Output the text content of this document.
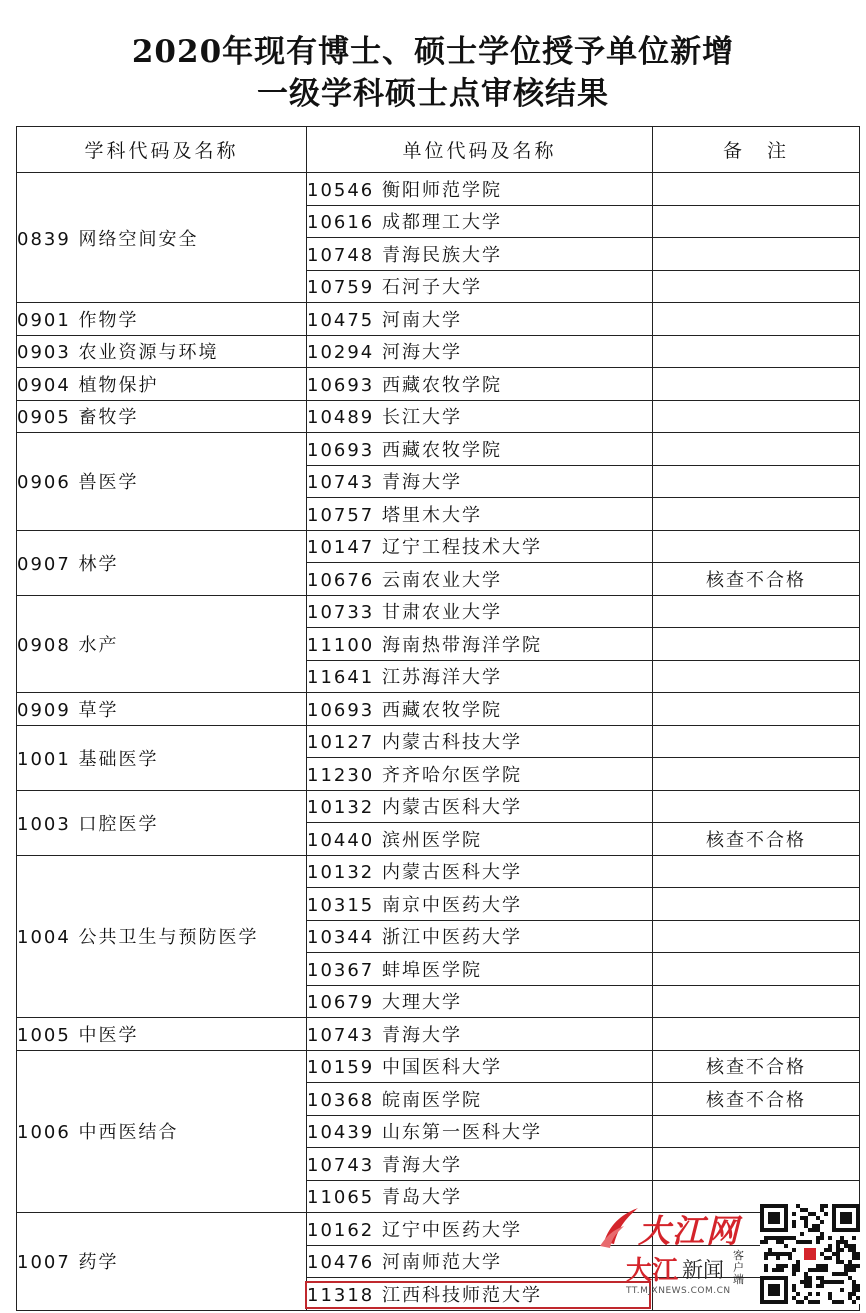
2020年现有博士、硕士学位授予单位新增
一级学科硕士点审核结果
学科代码及名称	单位代码及名称	备　注
0839 网络空间安全	10546 衡阳师范学院	
	10616 成都理工大学	
	10748 青海民族大学	
	10759 石河子大学	
0901 作物学	10475 河南大学	
0903 农业资源与环境	10294 河海大学	
0904 植物保护	10693 西藏农牧学院	
0905 畜牧学	10489 长江大学	
0906 兽医学	10693 西藏农牧学院	
	10743 青海大学	
	10757 塔里木大学	
0907 林学	10147 辽宁工程技术大学	
	10676 云南农业大学	核查不合格
0908 水产	10733 甘肃农业大学	
	11100 海南热带海洋学院	
	11641 江苏海洋大学	
0909 草学	10693 西藏农牧学院	
1001 基础医学	10127 内蒙古科技大学	
	11230 齐齐哈尔医学院	
1003 口腔医学	10132 内蒙古医科大学	
	10440 滨州医学院	核查不合格
1004 公共卫生与预防医学	10132 内蒙古医科大学	
	10315 南京中医药大学	
	10344 浙江中医药大学	
	10367 蚌埠医学院	
	10679 大理大学	
1005 中医学	10743 青海大学	
1006 中西医结合	10159 中国医科大学	核查不合格
	10368 皖南医学院	核查不合格
	10439 山东第一医科大学	
	10743 青海大学	
	11065 青岛大学	
1007 药学	10162 辽宁中医药大学	
	10476 河南师范大学	
	11318 江西科技师范大学	
大江网
大江 新闻
客户端
TT.MJXNEWS.COM.CN
